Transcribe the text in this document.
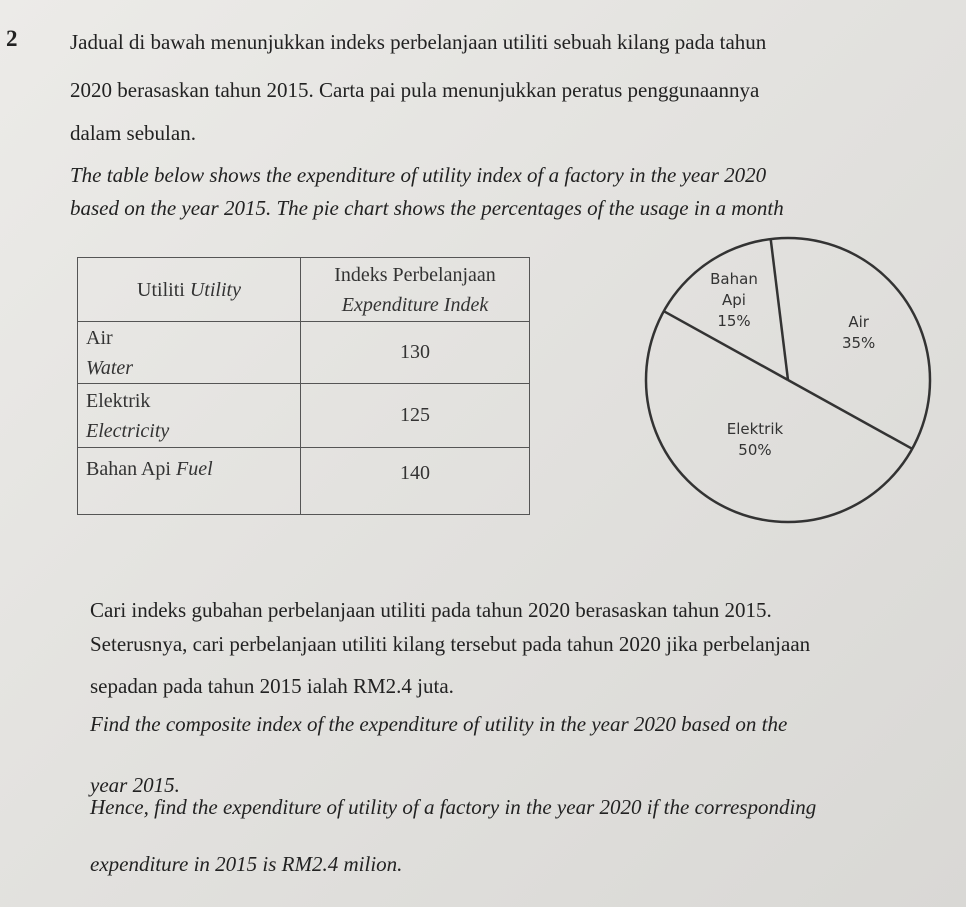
2	Jadual di bawah menunjukkan indeks perbelanjaan utiliti sebuah kilang pada tahun
2020 berasaskan tahun 2015. Carta pai pula menunjukkan peratus penggunaannya
dalam sebulan.
The table below shows the expenditure of utility index of a factory in the year 2020
based on the year 2015. The pie chart shows the percentages of the usage in a month
Utiliti Utility	Indeks Perbelanjaan
Expenditure Indek

Air
Water	130

Elektrik
Electricity	125
Bahan Api Fuel	140
Bahan
Api
15%	Air
35%
Elektrik
50%
Cari indeks gubahan perbelanjaan utiliti pada tahun 2020 berasaskan tahun 2015.
Seterusnya, cari perbelanjaan utiliti kilang tersebut pada tahun 2020 jika perbelanjaan
sepadan pada tahun 2015 ialah RM2.4 juta.
Find the composite index of the expenditure of utility in the year 2020 based on the
year 2015.
Hence, find the expenditure of utility of a factory in the year 2020 if the corresponding
expenditure in 2015 is RM2.4 milion.
